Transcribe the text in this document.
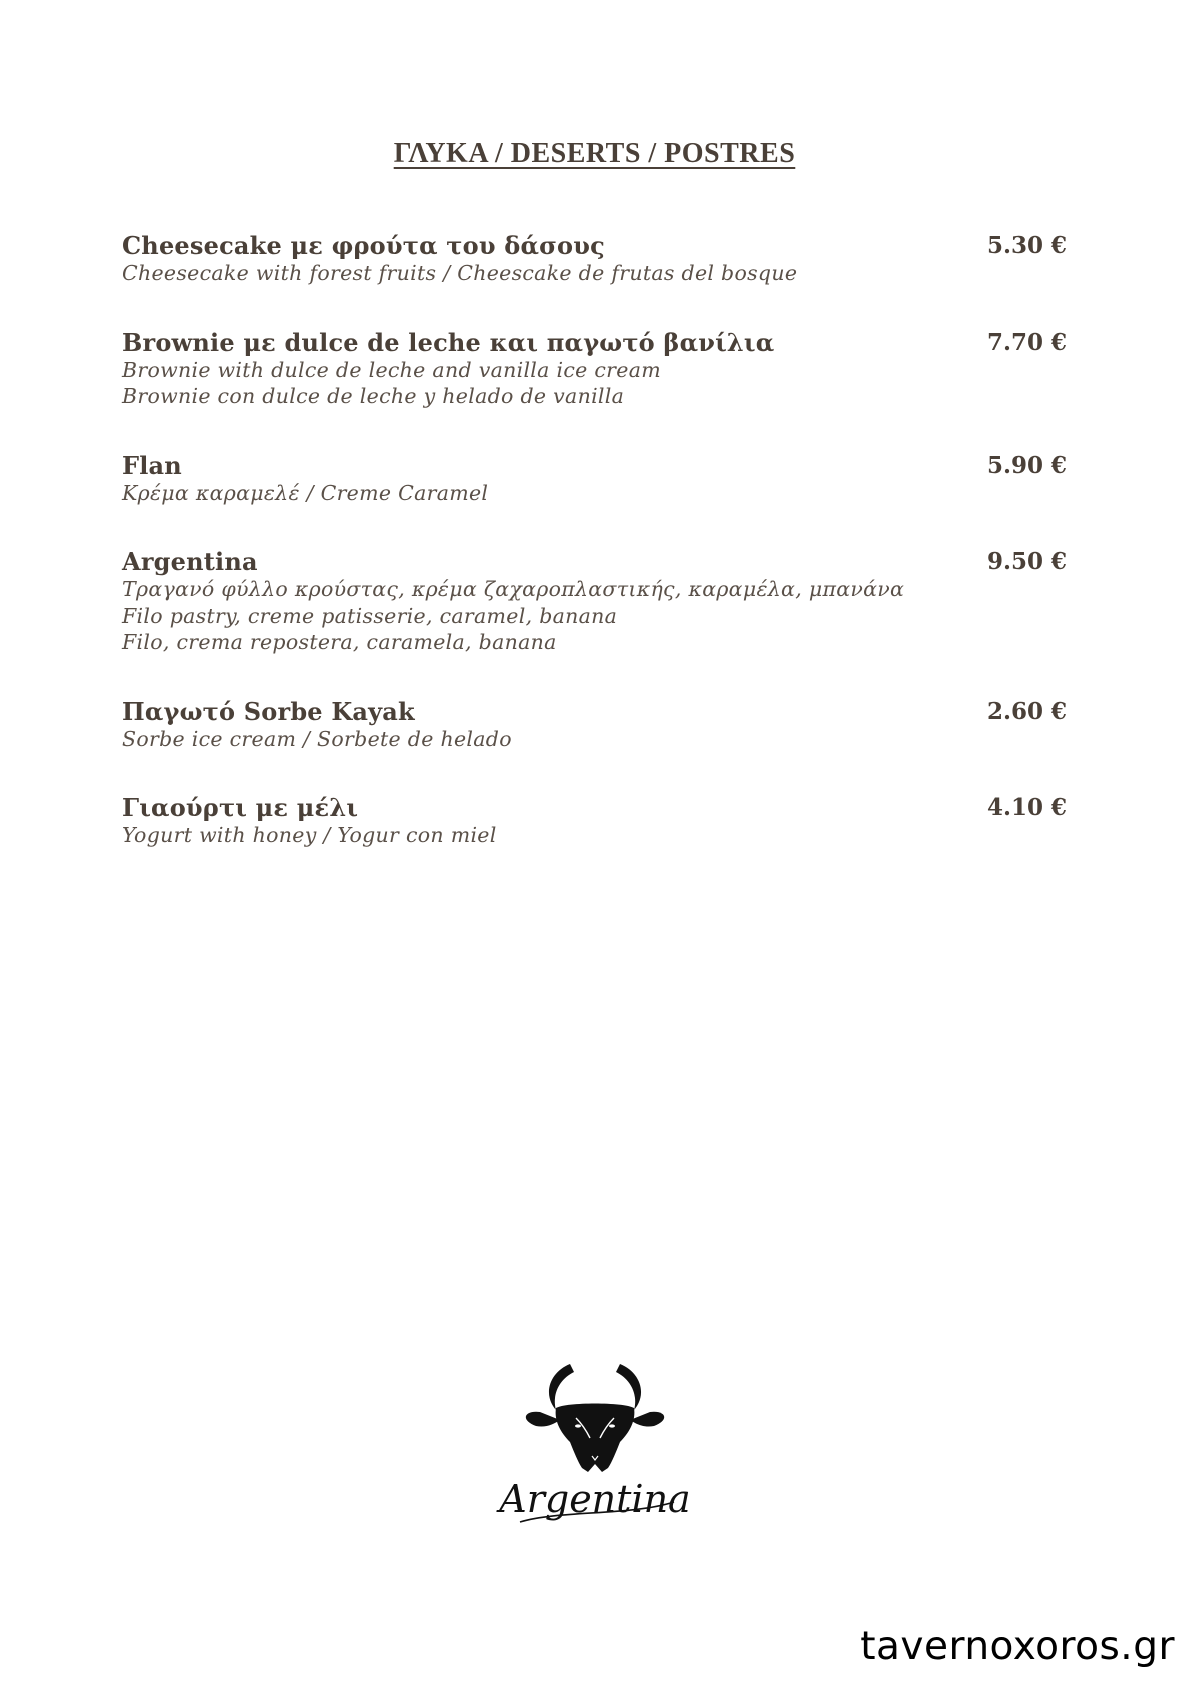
ΓΛΥΚΑ / DESERTS / POSTRES
Cheesecake με φρούτα του δάσους	5.30 €
Cheesecake with forest fruits / Cheescake de frutas del bosque
Brownie με dulce de leche και παγωτό βανίλια	7.70 €
Brownie with dulce de leche and vanilla ice cream
Brownie con dulce de leche y helado de vanilla
Flan	5.90 €
Κρέμα καραμελέ / Creme Caramel
Argentina	9.50 €
Τραγανό φύλλο κρούστας, κρέμα ζαχαροπλαστικής, καραμέλα, μπανάνα
Filo pastry, creme patisserie, caramel, banana
Filo, crema repostera, caramela, banana
Παγωτό Sorbe Kayak	2.60 €
Sorbe ice cream / Sorbete de helado
Γιαούρτι με μέλι	4.10 €
Yogurt with honey / Yogur con miel
Argentina
tavernoxoros.gr
